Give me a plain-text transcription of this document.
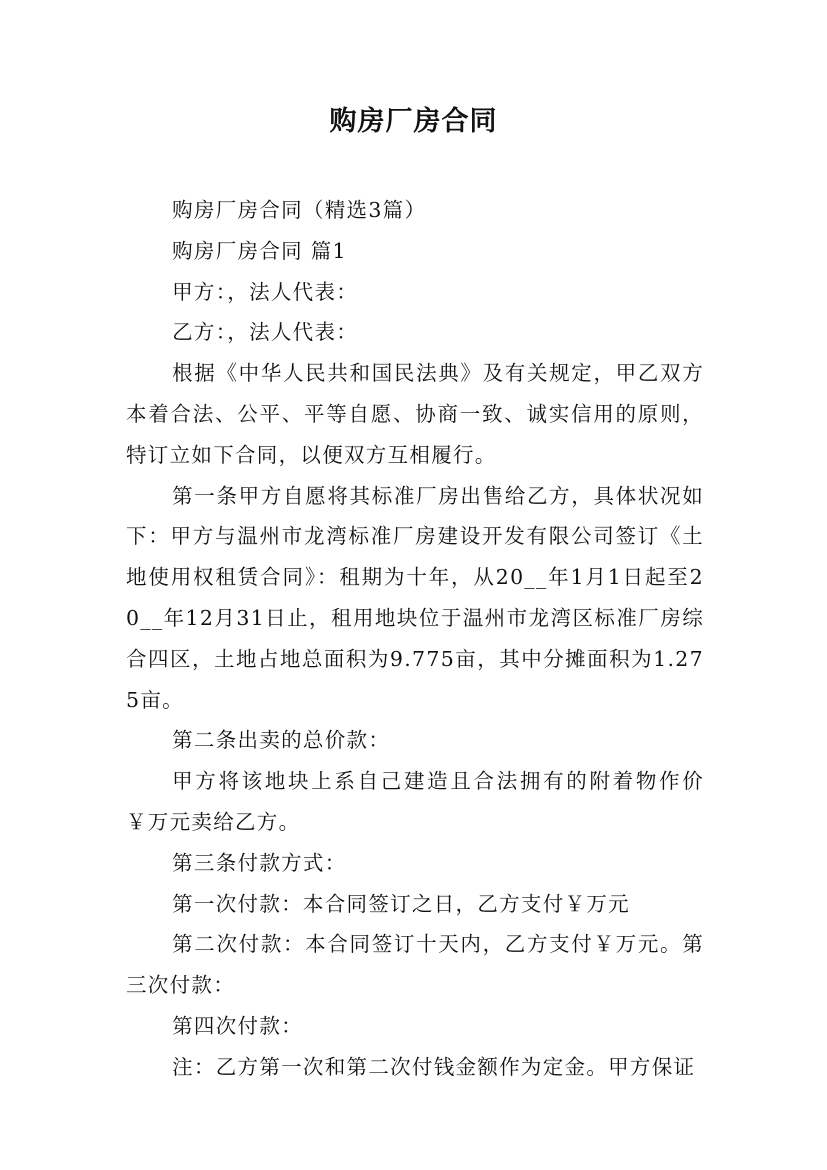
购房厂房合同

购房厂房合同（精选3篇）

购房厂房合同 篇1

甲方：，法人代表：

乙方：，法人代表：

根据《中华人民共和国民法典》及有关规定，甲乙双方本着合法、公平、平等自愿、协商一致、诚实信用的原则，特订立如下合同，以便双方互相履行。

第一条甲方自愿将其标准厂房出售给乙方，具体状况如下：甲方与温州市龙湾标准厂房建设开发有限公司签订《土地使用权租赁合同》：租期为十年，从20__年1月1日起至20__年12月31日止，租用地块位于温州市龙湾区标准厂房综合四区，土地占地总面积为9.775亩，其中分摊面积为1.275亩。

第二条出卖的总价款：

甲方将该地块上系自己建造且合法拥有的附着物作价￥万元卖给乙方。

第三条付款方式：

第一次付款：本合同签订之日，乙方支付￥万元

第二次付款：本合同签订十天内，乙方支付￥万元。第三次付款：

第四次付款：

注：乙方第一次和第二次付钱金额作为定金。甲方保证
